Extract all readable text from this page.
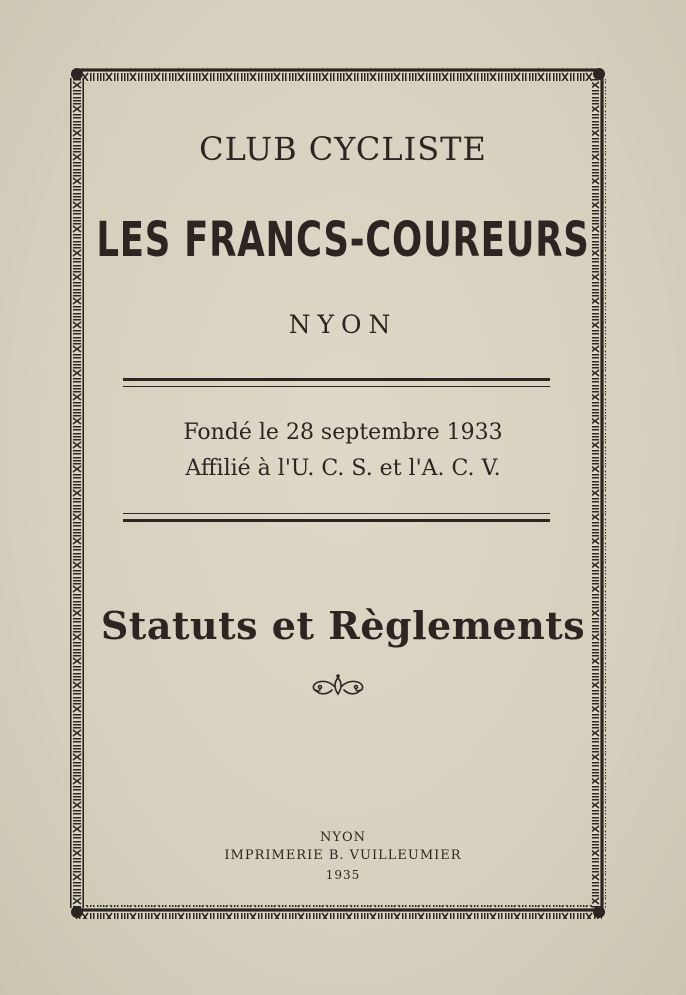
CLUB CYCLISTE
LES FRANCS-COUREURS
NYON
Fondé le 28 septembre 1933
Affilié à l'U. C. S. et l'A. C. V.
Statuts et Règlements
NYON
IMPRIMERIE B. VUILLEUMIER
1935
